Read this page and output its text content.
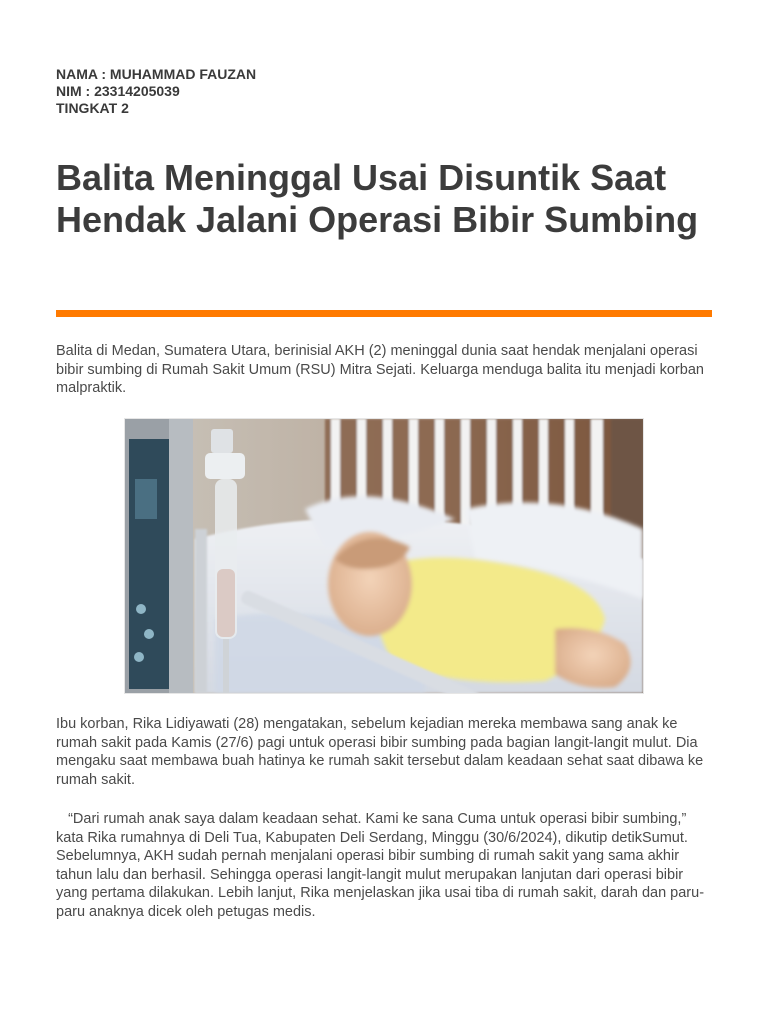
NAMA : MUHAMMAD FAUZAN
NIM : 23314205039
TINGKAT 2
Balita Meninggal Usai Disuntik Saat Hendak Jalani Operasi Bibir Sumbing

Balita di Medan, Sumatera Utara, berinisial AKH (2) meninggal dunia saat hendak menjalani operasi bibir sumbing di Rumah Sakit Umum (RSU) Mitra Sejati. Keluarga menduga balita itu menjadi korban malpraktik.

Ibu korban, Rika Lidiyawati (28) mengatakan, sebelum kejadian mereka membawa sang anak ke rumah sakit pada Kamis (27/6) pagi untuk operasi bibir sumbing pada bagian langit-langit mulut. Dia mengaku saat membawa buah hatinya ke rumah sakit tersebut dalam keadaan sehat saat dibawa ke rumah sakit.

“Dari rumah anak saya dalam keadaan sehat. Kami ke sana Cuma untuk operasi bibir sumbing,” kata Rika rumahnya di Deli Tua, Kabupaten Deli Serdang, Minggu (30/6/2024), dikutip detikSumut. Sebelumnya, AKH sudah pernah menjalani operasi bibir sumbing di rumah sakit yang sama akhir tahun lalu dan berhasil. Sehingga operasi langit-langit mulut merupakan lanjutan dari operasi bibir yang pertama dilakukan. Lebih lanjut, Rika menjelaskan jika usai tiba di rumah sakit, darah dan paru-paru anaknya dicek oleh petugas medis.
